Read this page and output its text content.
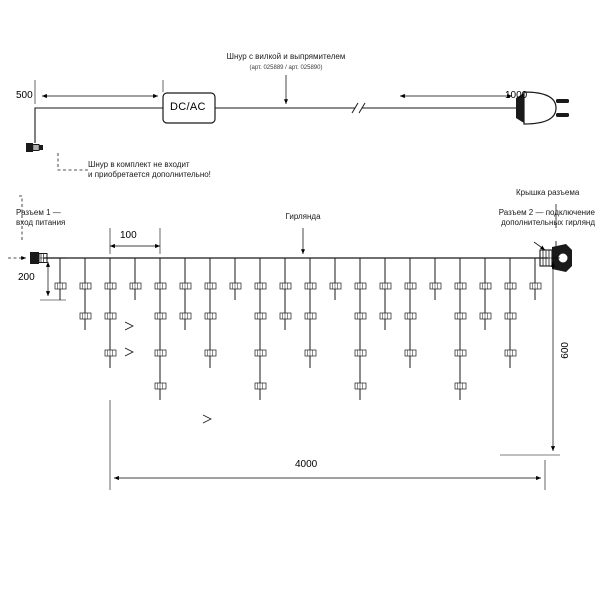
Шнур с вилкой и выпрямителем
(арт. 025889 / арт. 025890)
500	1000
DC/AC
Шнур в комплект не входит
и приобретается дополнительно!
Разъем 1 —
вход питания
Гирлянда
Крышка разъема
Разъем 2 — подключение
дополнительных гирлянд
100
200
600
4000
